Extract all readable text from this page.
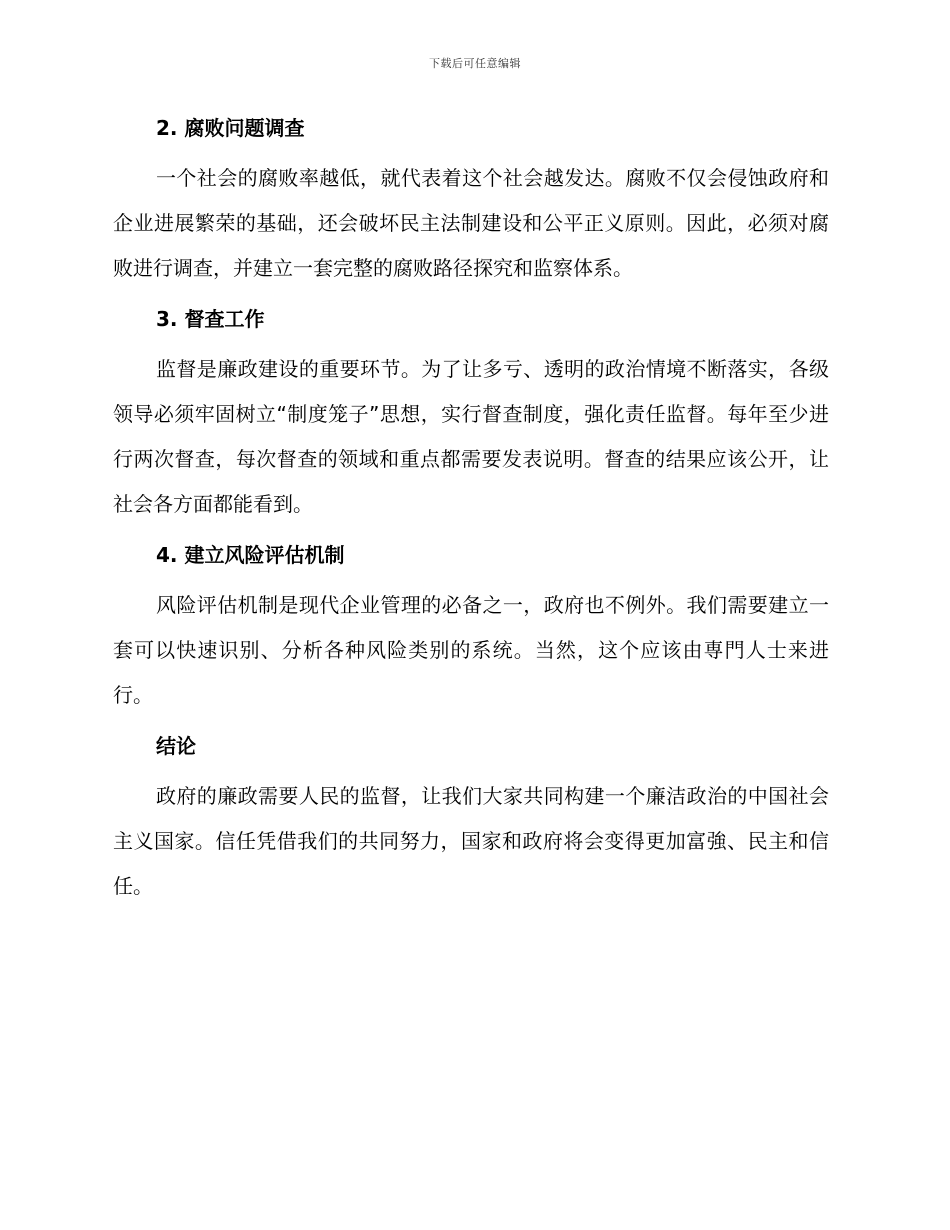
下载后可任意编辑
2. 腐败问题调查

一个社会的腐败率越低，就代表着这个社会越发达。腐败不仅会侵蚀政府和企业进展繁荣的基础，还会破坏民主法制建设和公平正义原则。因此，必须对腐败进行调查，并建立一套完整的腐败路径探究和监察体系。

3. 督查工作

监督是廉政建设的重要环节。为了让多亏、透明的政治情境不断落实，各级领导必须牢固树立“制度笼子”思想，实行督查制度，强化责任监督。每年至少进行两次督查，每次督查的领域和重点都需要发表说明。督查的结果应该公开，让社会各方面都能看到。

4. 建立风险评估机制

风险评估机制是现代企业管理的必备之一，政府也不例外。我们需要建立一套可以快速识别、分析各种风险类别的系统。当然，这个应该由専門人士来进行。

结论

政府的廉政需要人民的监督，让我们大家共同构建一个廉洁政治的中国社会主义国家。信任凭借我们的共同努力，国家和政府将会变得更加富強、民主和信任。
